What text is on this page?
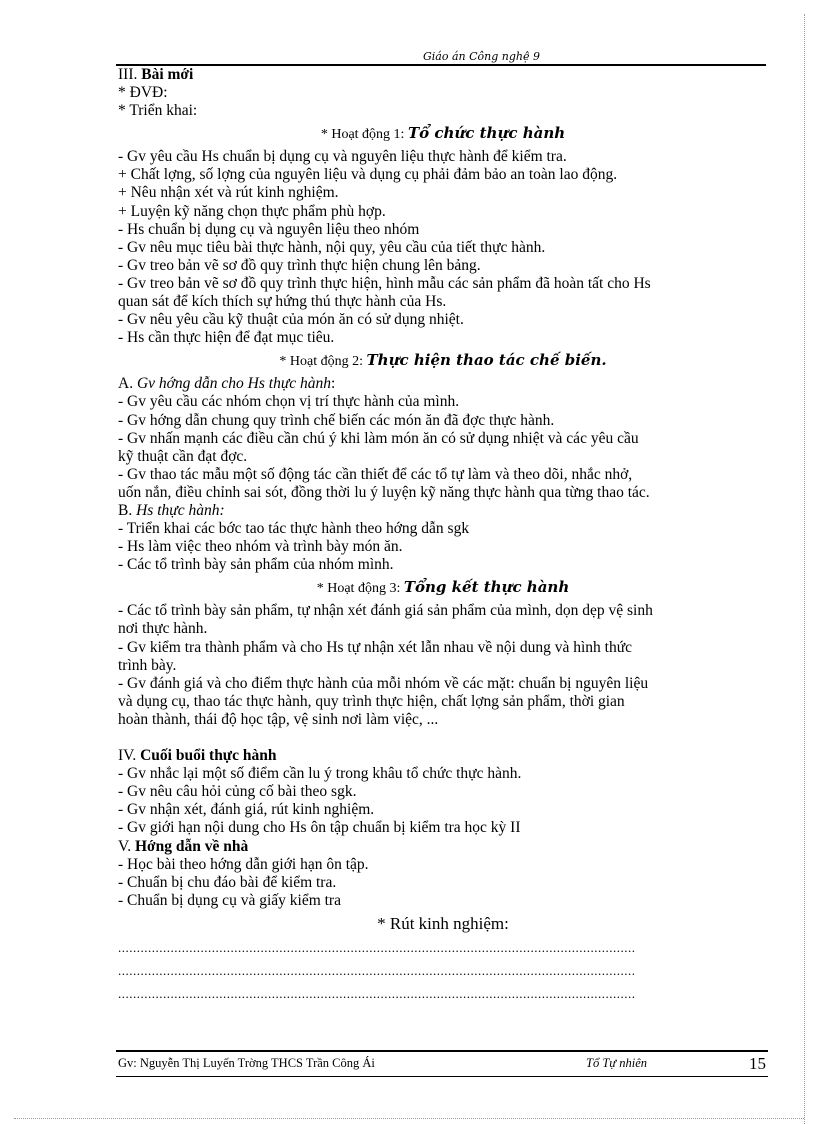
Giáo án Công nghệ 9
III. Bài mới
* ĐVĐ:
* Triển khai:
* Hoạt động 1: Tổ chức thực hành
- Gv yêu cầu Hs chuẩn bị dụng cụ và nguyên liệu thực hành để kiểm tra.
+ Chất lợng, số lợng của nguyên liệu và dụng cụ phải đảm bảo an toàn lao động.
+ Nêu nhận xét và rút kinh nghiệm.
+ Luyện kỹ năng chọn thực phẩm phù hợp.
- Hs chuẩn bị dụng cụ và nguyên liệu theo nhóm
- Gv nêu mục tiêu bài thực hành, nội quy, yêu cầu của tiết thực hành.
- Gv treo bản vẽ sơ đồ quy trình thực hiện chung lên bảng.
- Gv treo bản vẽ sơ đồ quy trình thực hiện, hình mẫu các sản phẩm đã hoàn tất cho Hs
quan sát để kích thích sự hứng thú thực hành của Hs.
- Gv nêu yêu cầu kỹ thuật của món ăn có sử dụng nhiệt.
- Hs cần thực hiện để đạt mục tiêu.
* Hoạt động 2: Thực hiện thao tác chế biến.
A. Gv hớng dẫn cho Hs thực hành:
- Gv yêu cầu các nhóm chọn vị trí thực hành của mình.
- Gv hớng dẫn chung quy trình chế biến các món ăn đã đợc thực hành.
- Gv nhấn mạnh các điều cần chú ý khi làm món ăn có sử dụng nhiệt và các yêu cầu
kỹ thuật cần đạt đợc.
- Gv thao tác mẫu một số động tác cần thiết để các tổ tự làm và theo dõi, nhắc nhở,
uốn nắn, điều chỉnh sai sót, đồng thời lu ý luyện kỹ năng thực hành qua từng thao tác.
B. Hs thực hành:
- Triển khai các bớc tao tác thực hành theo hớng dẫn sgk
- Hs làm việc theo nhóm và trình bày món ăn.
- Các tổ trình bày sản phẩm của nhóm mình.
* Hoạt động 3: Tổng kết thực hành
- Các tổ trình bày sản phẩm, tự nhận xét đánh giá sản phẩm của mình, dọn dẹp vệ sinh
nơi thực hành.
- Gv kiểm tra thành phẩm và cho Hs tự nhận xét lẫn nhau về nội dung và hình thức
trình bày.
- Gv đánh giá và cho điểm thực hành của mỗi nhóm về các mặt: chuẩn bị nguyên liệu
và dụng cụ, thao tác thực hành, quy trình thực hiện, chất lợng sản phẩm, thời gian
hoàn thành, thái độ học tập, vệ sinh nơi làm việc, ...
IV. Cuối buổi thực hành
- Gv nhắc lại một số điểm cần lu ý trong khâu tổ chức thực hành.
- Gv nêu câu hỏi củng cố bài theo sgk.
- Gv nhận xét, đánh giá, rút kinh nghiệm.
- Gv giới hạn nội dung cho Hs ôn tập chuẩn bị kiểm tra học kỳ II
V. Hớng dẫn về nhà
- Học bài theo hớng dẫn giới hạn ôn tập.
- Chuẩn bị chu đáo bài để kiểm tra.
- Chuẩn bị dụng cụ và giấy kiểm tra
* Rút kinh nghiệm:
..........................................................................................................................................
..........................................................................................................................................
..........................................................................................................................................
Gv: Nguyễn Thị Luyến Trờng THCS Trần Công Ái	Tổ Tự nhiên	15
